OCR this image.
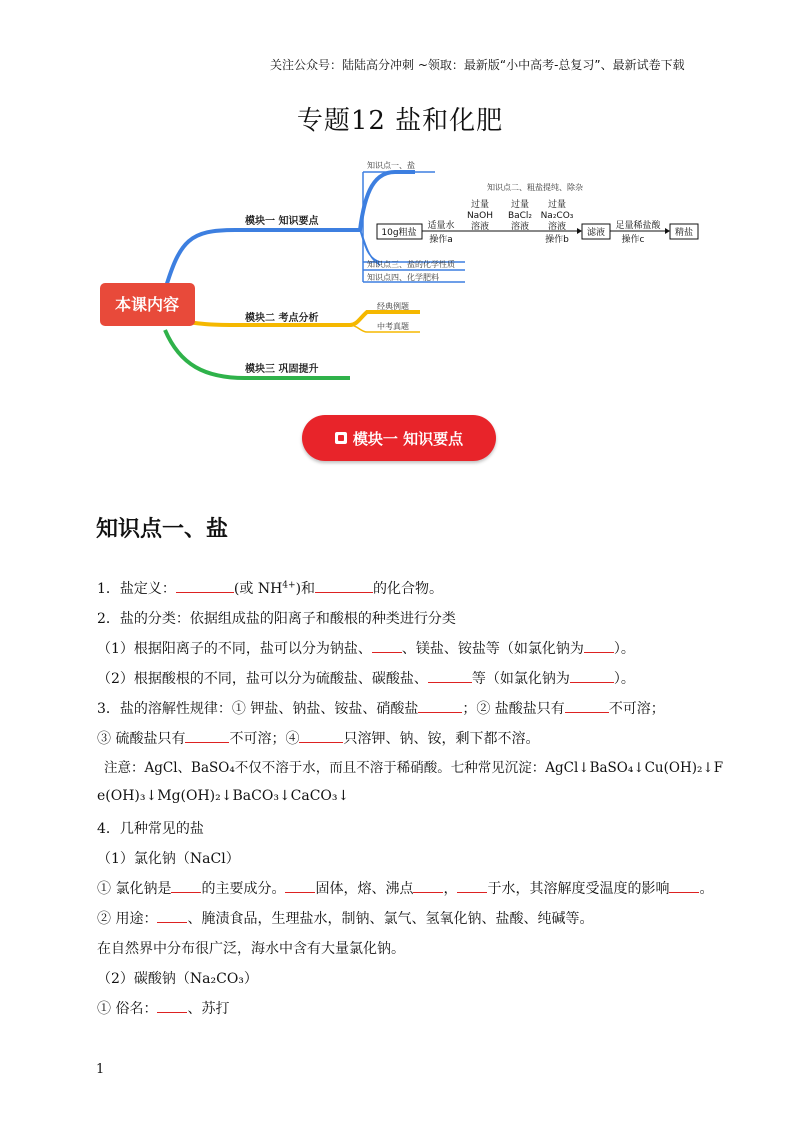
关注公众号：陆陆高分冲刺 ~领取：最新版“小中高考-总复习”、最新试卷下载
专题12 盐和化肥
本课内容
模块一 知识要点
模块二 考点分析
模块三 巩固提升
知识点一、盐
知识点二、粗盐提纯、除杂
知识点三、盐的化学性质
知识点四、化学肥料
经典例题
中考真题
10g粗盐
适量水
操作a
过量
NaOH
溶液
过量
BaCl₂
溶液
过量
Na₂CO₃
溶液
操作b
滤液
足量稀盐酸
操作c
精盐
模块一 知识要点
知识点一、盐
1．盐定义：	(或 $NH^{4+}$)和	的化合物。
2．盐的分类：依据组成盐的阳离子和酸根的种类进行分类
（1）根据阳离子的不同，盐可以分为钠盐、 、镁盐、铵盐等（如氯化钠为 ）。
（2）根据酸根的不同，盐可以分为硫酸盐、碳酸盐、	等（如氯化钠为	）。
3．盐的溶解性规律：① 钾盐、钠盐、铵盐、硝酸盐	；② 盐酸盐只有	不可溶；
③ 硫酸盐只有	不可溶；④	只溶钾、钠、铵，剩下都不溶。
注意：AgCl、BaSO₄不仅不溶于水，而且不溶于稀硝酸。七种常见沉淀：AgCl↓BaSO₄↓Cu(OH)₂↓F
e(OH)₃↓Mg(OH)₂↓BaCO₃↓CaCO₃↓
4．几种常见的盐
（1）氯化钠（NaCl）
① 氯化钠是 的主要成分。 固体，熔、沸点 ， 于水，其溶解度受温度的影响 。
② 用途： 、腌渍食品，生理盐水，制钠、氯气、氢氧化钠、盐酸、纯碱等。
在自然界中分布很广泛，海水中含有大量氯化钠。
（2）碳酸钠（Na₂CO₃）
① 俗名： 、苏打
1
